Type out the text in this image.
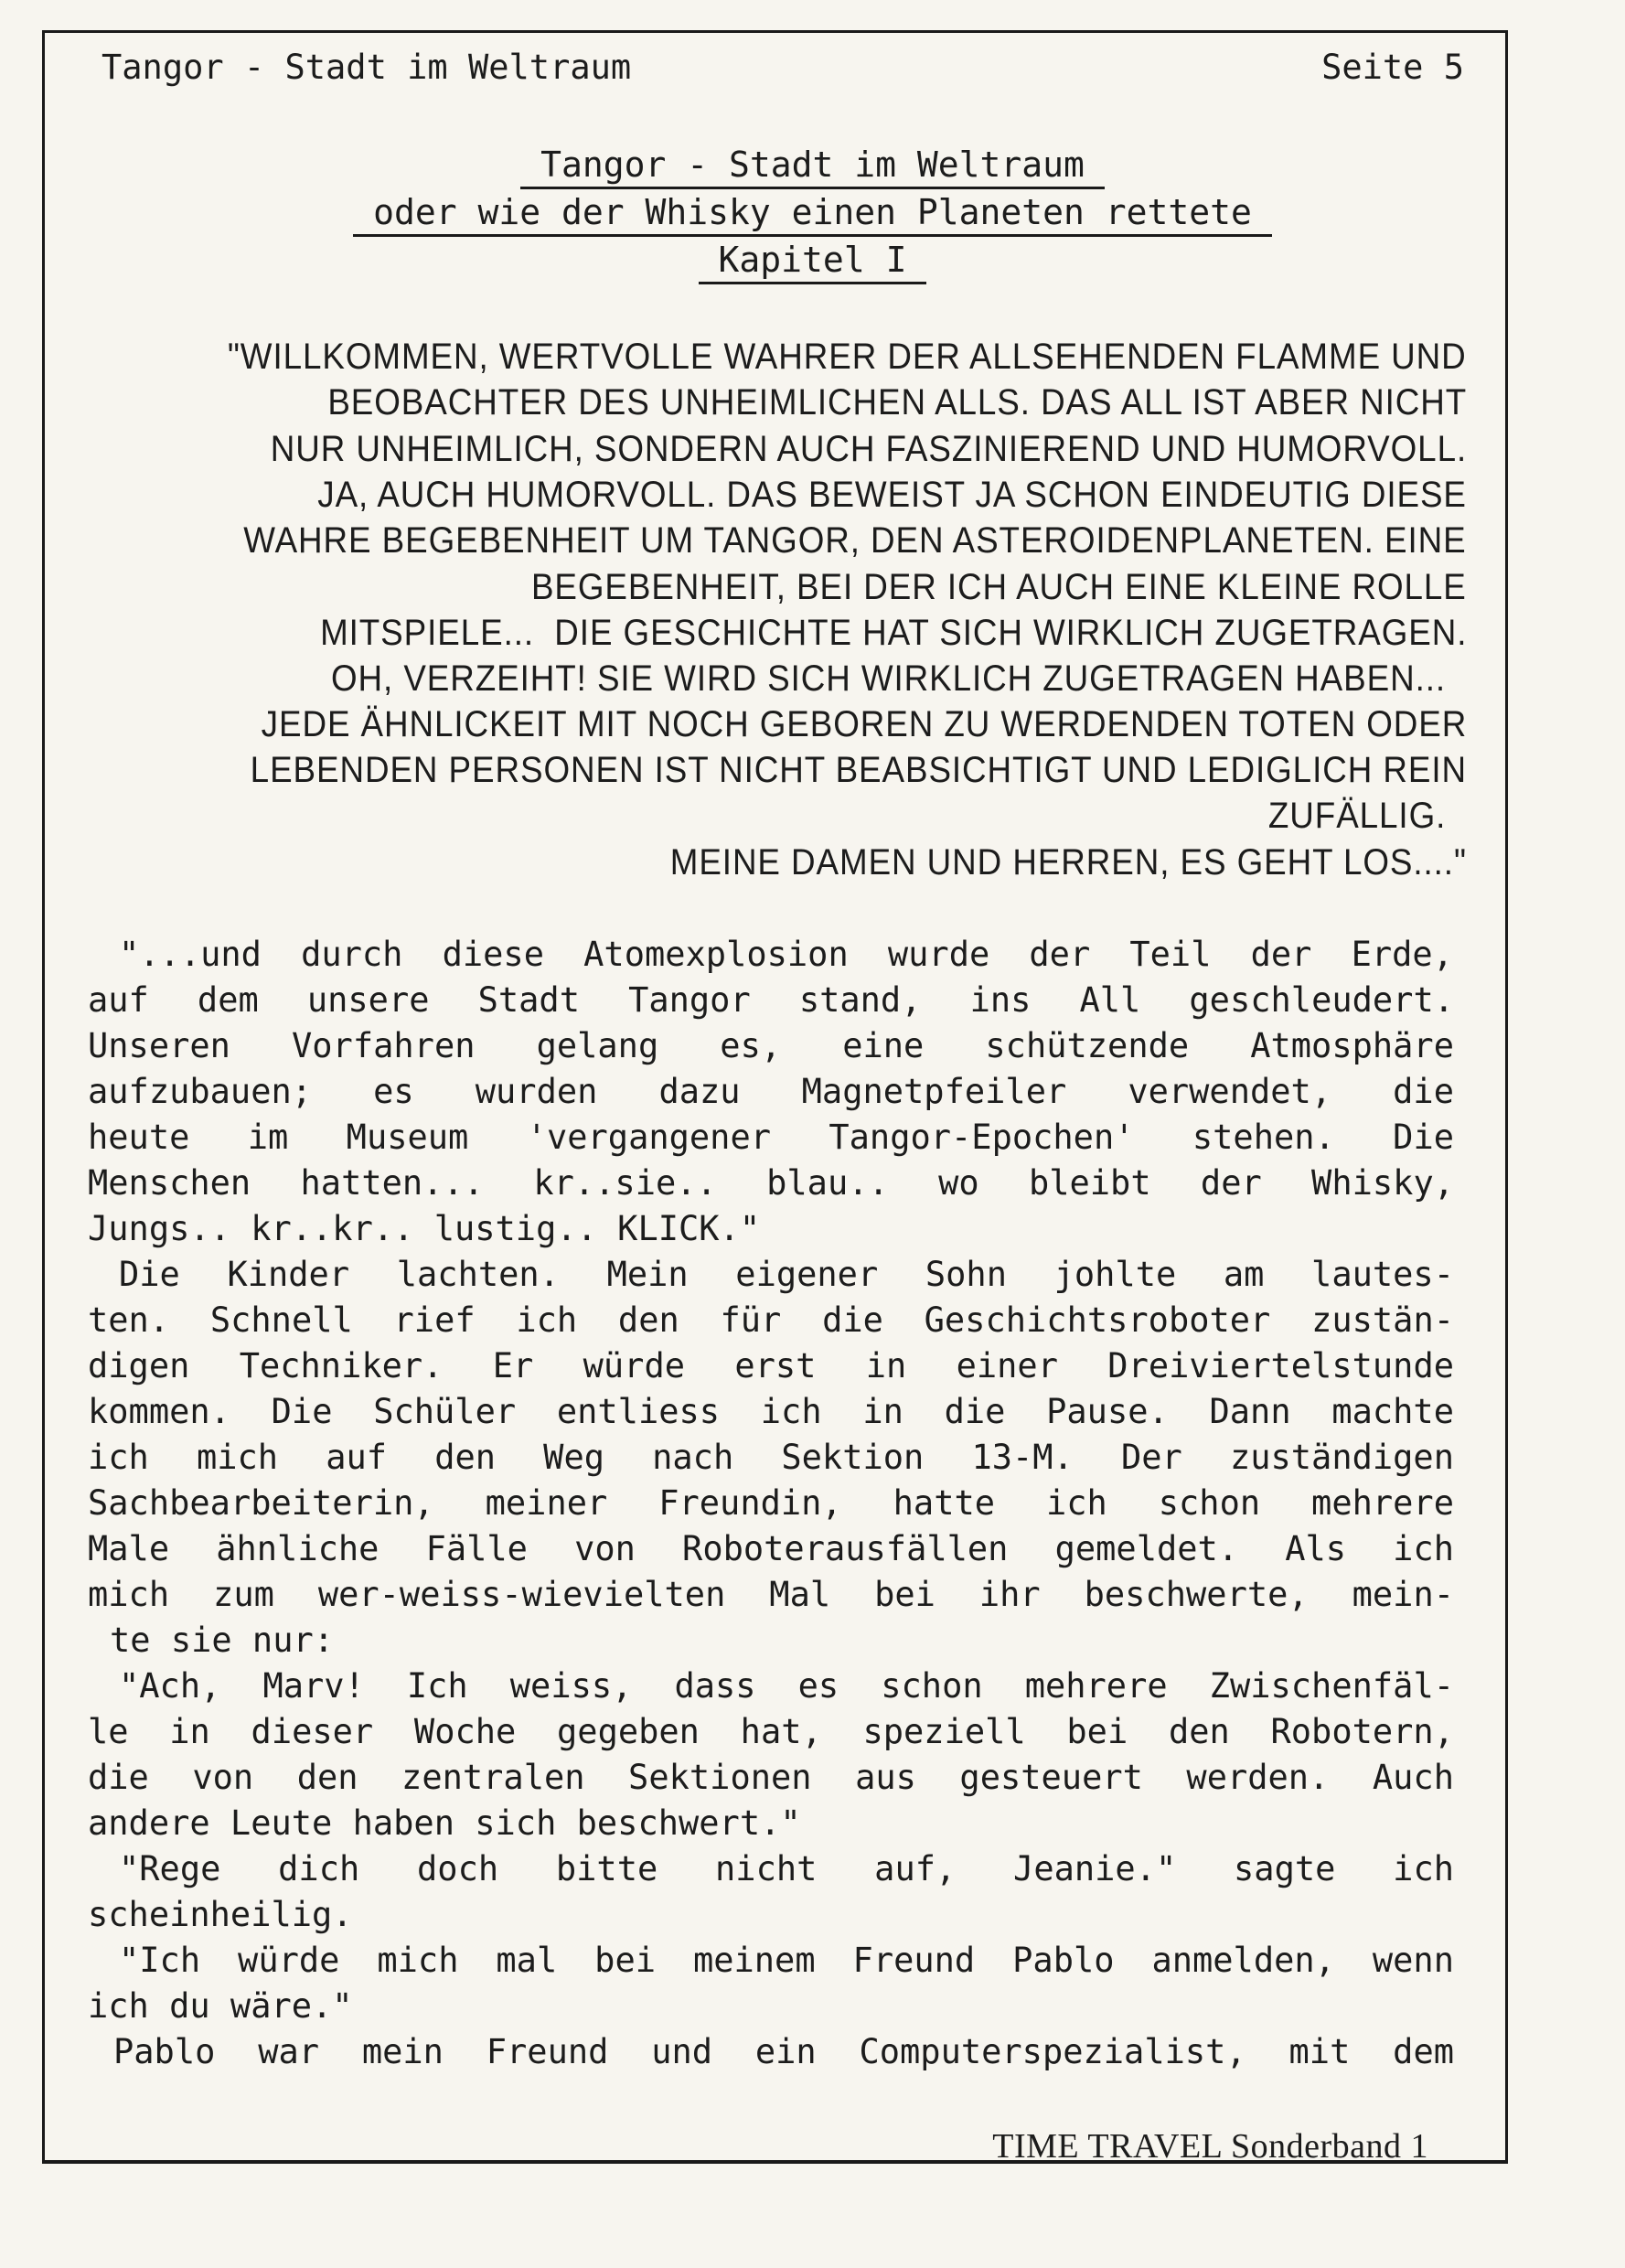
Tangor - Stadt im Weltraum	Seite 5
Tangor - Stadt im Weltraum
oder wie der Whisky einen Planeten rettete
Kapitel I
"WILLKOMMEN, WERTVOLLE WAHRER DER ALLSEHENDEN FLAMME UND
BEOBACHTER DES UNHEIMLICHEN ALLS. DAS ALL IST ABER NICHT
NUR UNHEIMLICH, SONDERN AUCH FASZINIEREND UND HUMORVOLL.
JA, AUCH HUMORVOLL. DAS BEWEIST JA SCHON EINDEUTIG DIESE
WAHRE BEGEBENHEIT UM TANGOR, DEN ASTEROIDENPLANETEN. EINE
BEGEBENHEIT, BEI DER ICH AUCH EINE KLEINE ROLLE
MITSPIELE...  DIE GESCHICHTE HAT SICH WIRKLICH ZUGETRAGEN.
OH, VERZEIHT! SIE WIRD SICH WIRKLICH ZUGETRAGEN HABEN...
JEDE ÄHNLICKEIT MIT NOCH GEBOREN ZU WERDENDEN TOTEN ODER
LEBENDEN PERSONEN IST NICHT BEABSICHTIGT UND LEDIGLICH REIN
ZUFÄLLIG.
MEINE DAMEN UND HERREN, ES GEHT LOS...."
"...und durch diese Atomexplosion wurde der Teil der Erde,
auf dem unsere Stadt Tangor stand, ins All geschleudert.
Unseren Vorfahren gelang es, eine schützende Atmosphäre
aufzubauen; es wurden dazu Magnetpfeiler verwendet, die
heute im Museum 'vergangener Tangor-Epochen' stehen. Die
Menschen hatten... kr..sie.. blau.. wo bleibt der Whisky,
Jungs.. kr..kr.. lustig.. KLICK."
Die Kinder lachten. Mein eigener Sohn johlte am lautes-
ten. Schnell rief ich den für die Geschichtsroboter zustän-
digen Techniker. Er würde erst in einer Dreiviertelstunde
kommen. Die Schüler entliess ich in die Pause. Dann machte
ich mich auf den Weg nach Sektion 13-M. Der zuständigen
Sachbearbeiterin, meiner Freundin, hatte ich schon mehrere
Male ähnliche Fälle von Roboterausfällen gemeldet. Als ich
mich zum wer-weiss-wievielten Mal bei ihr beschwerte, mein-
te sie nur:
"Ach, Marv! Ich weiss, dass es schon mehrere Zwischenfäl-
le in dieser Woche gegeben hat, speziell bei den Robotern,
die von den zentralen Sektionen aus gesteuert werden. Auch
andere Leute haben sich beschwert."
"Rege dich doch bitte nicht auf, Jeanie." sagte ich
scheinheilig.
"Ich würde mich mal bei meinem Freund Pablo anmelden, wenn
ich du wäre."
Pablo war mein Freund und ein Computerspezialist, mit dem
TIME TRAVEL Sonderband 1
